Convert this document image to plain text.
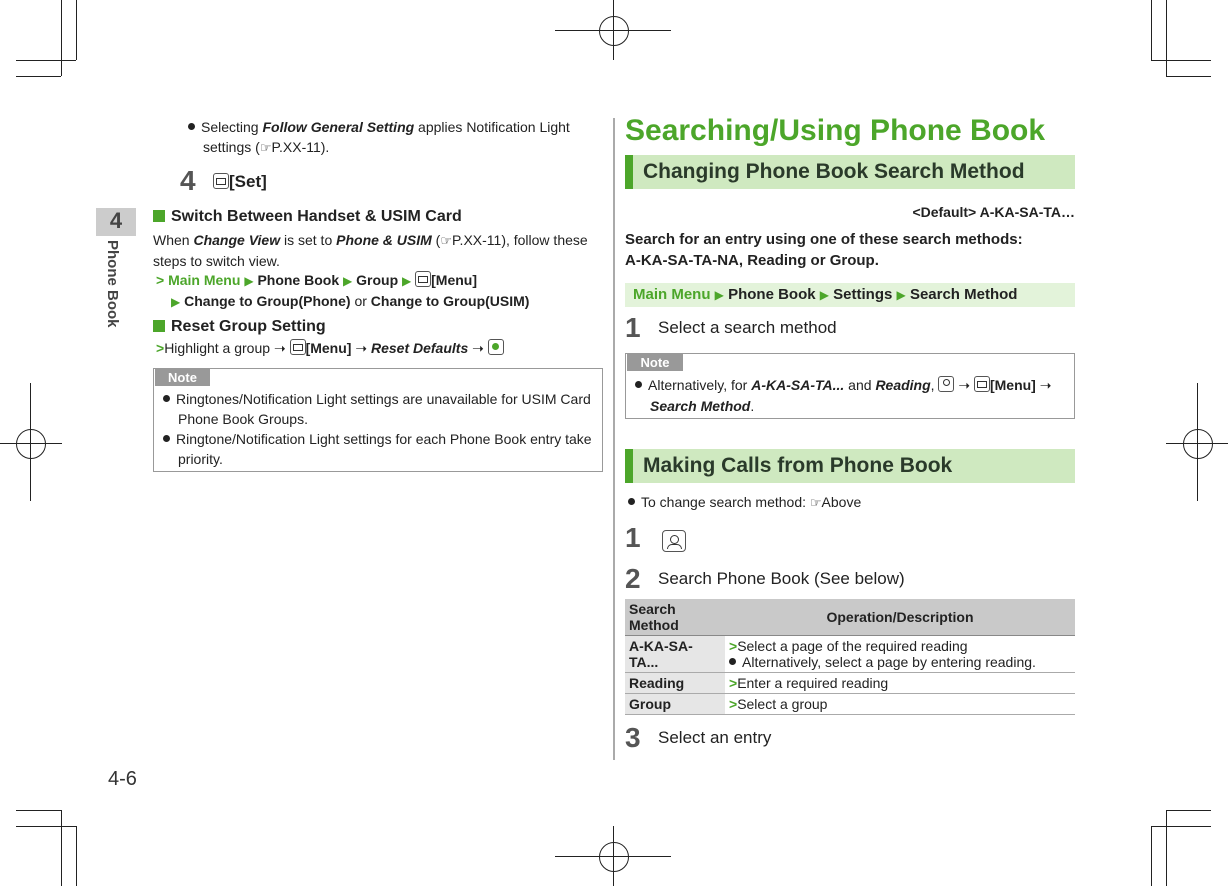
4
Phone Book
4-6
Selecting Follow General Setting applies Notification Light
settings (☞P.XX-11).
4	[Set]
Switch Between Handset & USIM Card
When Change View is set to Phone & USIM (☞P.XX-11), follow these
steps to switch view.
> Main Menu ▶ Phone Book ▶ Group ▶ [Menu]
▶ Change to Group(Phone) or Change to Group(USIM)
Reset Group Setting
>Highlight a group ➝
[Menu] ➝ Reset Defaults ➝
Note
Ringtones/Notification Light settings are unavailable for USIM Card
Phone Book Groups.
Ringtone/Notification Light settings for each Phone Book entry take
priority.
Searching/Using Phone Book
Changing Phone Book Search Method
<Default> A-KA-SA-TA…
Search for an entry using one of these search methods:
A-KA-SA-TA-NA, Reading or Group.
Main Menu ▶ Phone Book ▶ Settings ▶ Search Method
1 Select a search method
Note
Alternatively, for A-KA-SA-TA... and Reading,
➝
[Menu] ➝
Search Method.
Making Calls from Phone Book
To change search method: ☞Above
1
2 Search Phone Book (See below)
Search Method	Operation/Description
A-KA-SA-TA...	>Select a page of the required reading
Alternatively, select a page by entering reading.
Reading	>Enter a required reading
Group	>Select a group
3 Select an entry
